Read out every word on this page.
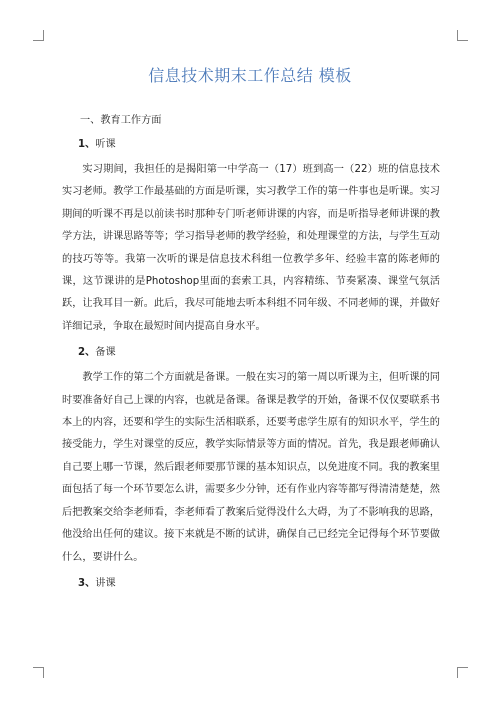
信息技术期末工作总结 模板
一、教育工作方面
1、听课

实习期间，我担任的是揭阳第一中学高一（17）班到高一（22）班的信息技术实习老师。教学工作最基础的方面是听课，实习教学工作的第一件事也是听课。实习期间的听课不再是以前读书时那种专门听老师讲课的内容，而是听指导老师讲课的教学方法，讲课思路等等；学习指导老师的教学经验，和处理课堂的方法，与学生互动的技巧等等。我第一次听的课是信息技术科组一位教学多年、经验丰富的陈老师的课，这节课讲的是Photoshop里面的套索工具，内容精练、节奏紧凑、课堂气氛活跃，让我耳目一新。此后，我尽可能地去听本科组不同年级、不同老师的课，并做好详细记录，争取在最短时间内提高自身水平。

2、备课

教学工作的第二个方面就是备课。一般在实习的第一周以听课为主，但听课的同时要准备好自己上课的内容，也就是备课。备课是教学的开始，备课不仅仅要联系书本上的内容，还要和学生的实际生活相联系，还要考虑学生原有的知识水平，学生的接受能力，学生对课堂的反应，教学实际情景等方面的情况。首先，我是跟老师确认自己要上哪一节课，然后跟老师要那节课的基本知识点，以免进度不同。我的教案里面包括了每一个环节要怎么讲，需要多少分钟，还有作业内容等都写得清清楚楚，然后把教案交给李老师看，李老师看了教案后觉得没什么大碍，为了不影响我的思路，他没给出任何的建议。接下来就是不断的试讲，确保自己已经完全记得每个环节要做什么，要讲什么。

3、讲课
